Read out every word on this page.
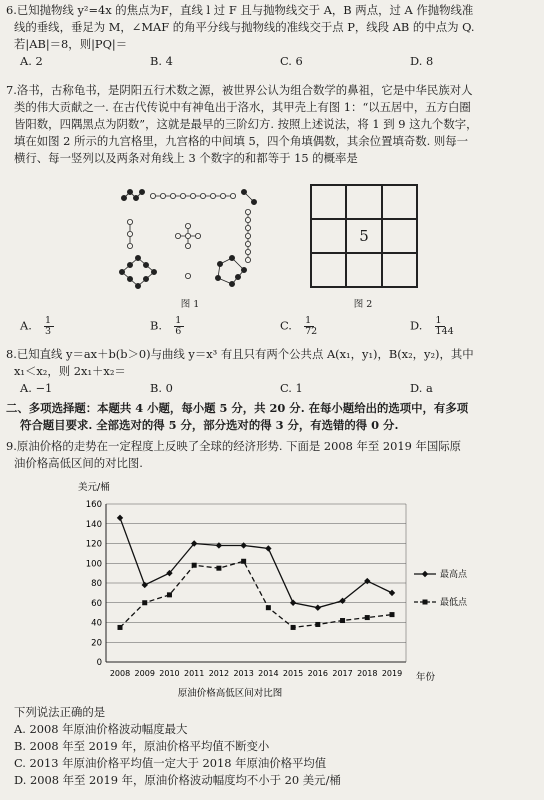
6.已知抛物线 y²=4x 的焦点为F，直线 l 过 F 且与抛物线交于 A，B 两点，过 A 作抛物线准

线的垂线，垂足为 M，∠MAF 的角平分线与抛物线的准线交于点 P，线段 AB 的中点为 Q.

若|AB|＝8，则|PQ|＝

A. 2	B. 4	C. 6	D. 8

7.洛书，古称龟书，是阴阳五行术数之源，被世界公认为组合数学的鼻祖，它是中华民族对人

类的伟大贡献之一. 在古代传说中有神龟出于洛水，其甲壳上有图 1：“以五居中，五方白圈

皆阳数，四隅黑点为阴数”，这就是最早的三阶幻方. 按照上述说法，将 1 到 9 这九个数字，

填在如图 2 所示的九宫格里，九宫格的中间填 5，四个角填偶数，其余位置填奇数. 则每一

横行、每一竖列以及两条对角线上 3 个数字的和都等于 15 的概率是

图 1
5
图 2
A. $\frac{1}{3}$	B. $\frac{1}{6}$	C. $\frac{1}{72}$	D. $\frac{1}{144}$

8.已知直线 y＝ax＋b(b＞0)与曲线 y＝x³ 有且只有两个公共点 A(x₁，y₁)，B(x₂，y₂)，其中

x₁＜x₂，则 2x₁＋x₂＝

A. −1	B. 0	C. 1	D. a

二、多项选择题：本题共 4 小题，每小题 5 分，共 20 分. 在每小题给出的选项中，有多项

符合题目要求. 全部选对的得 5 分，部分选对的得 3 分，有选错的得 0 分.

9.原油价格的走势在一定程度上反映了全球的经济形势. 下面是 2008 年至 2019 年国际原

油价格高低区间的对比图.

美元/桶
0
20
40
60
80
100
120
140
160
2008 2009 2010 2011 2012 2013 2014 2015 2016 2017 2018 2019 年份
原油价格高低区间对比图
最高点
最低点

下列说法正确的是

A. 2008 年原油价格波动幅度最大

B. 2008 年至 2019 年，原油价格平均值不断变小

C. 2013 年原油价格平均值一定大于 2018 年原油价格平均值

D. 2008 年至 2019 年，原油价格波动幅度均不小于 20 美元/桶
